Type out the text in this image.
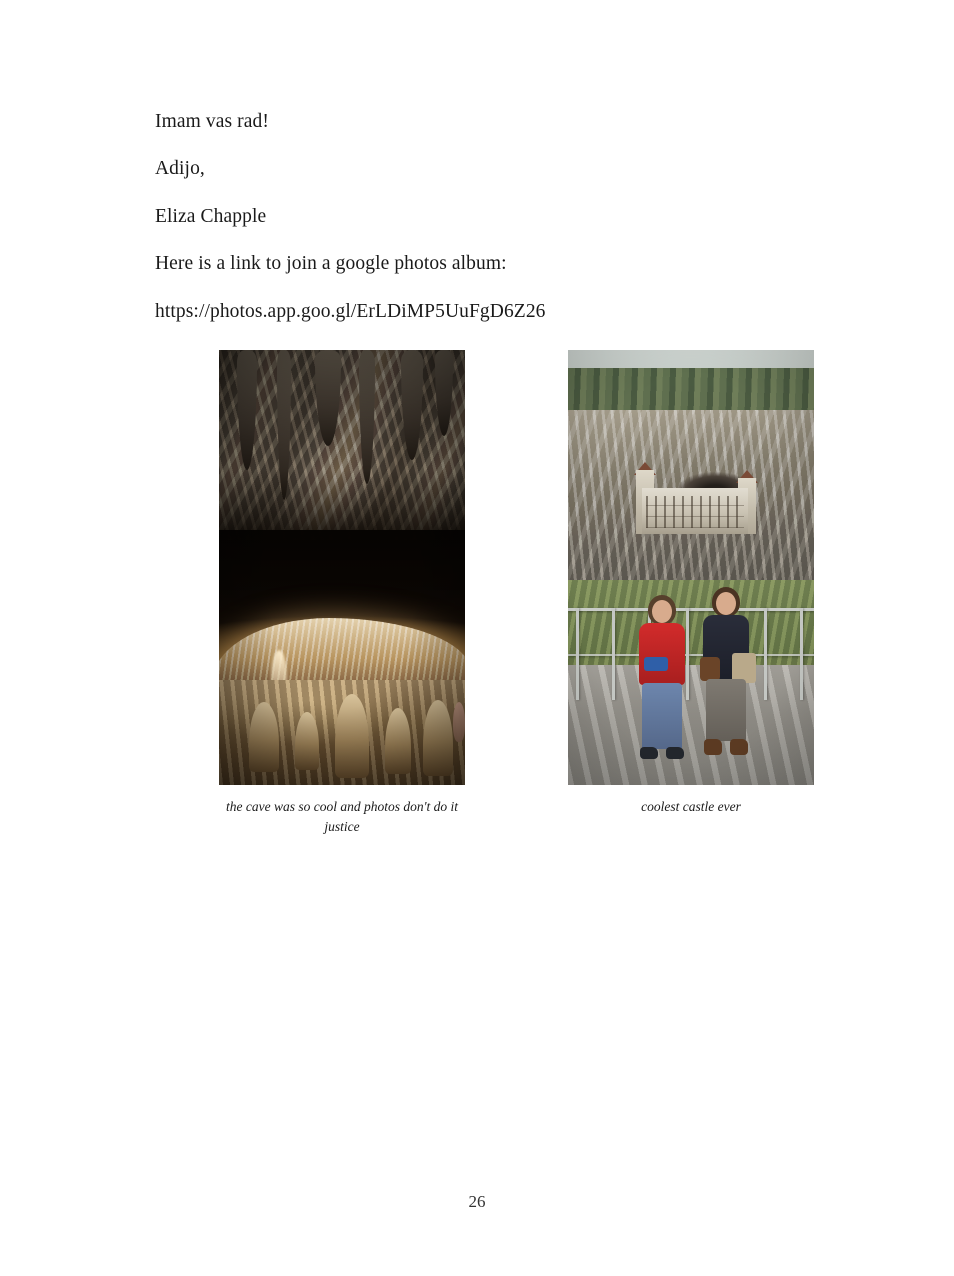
Imam vas rad!

Adijo,

Eliza Chapple

Here is a link to join a google photos album:

https://photos.app.goo.gl/ErLDiMP5UuFgD6Z26

the cave was so cool and photos don't do it justice
coolest castle ever
26
